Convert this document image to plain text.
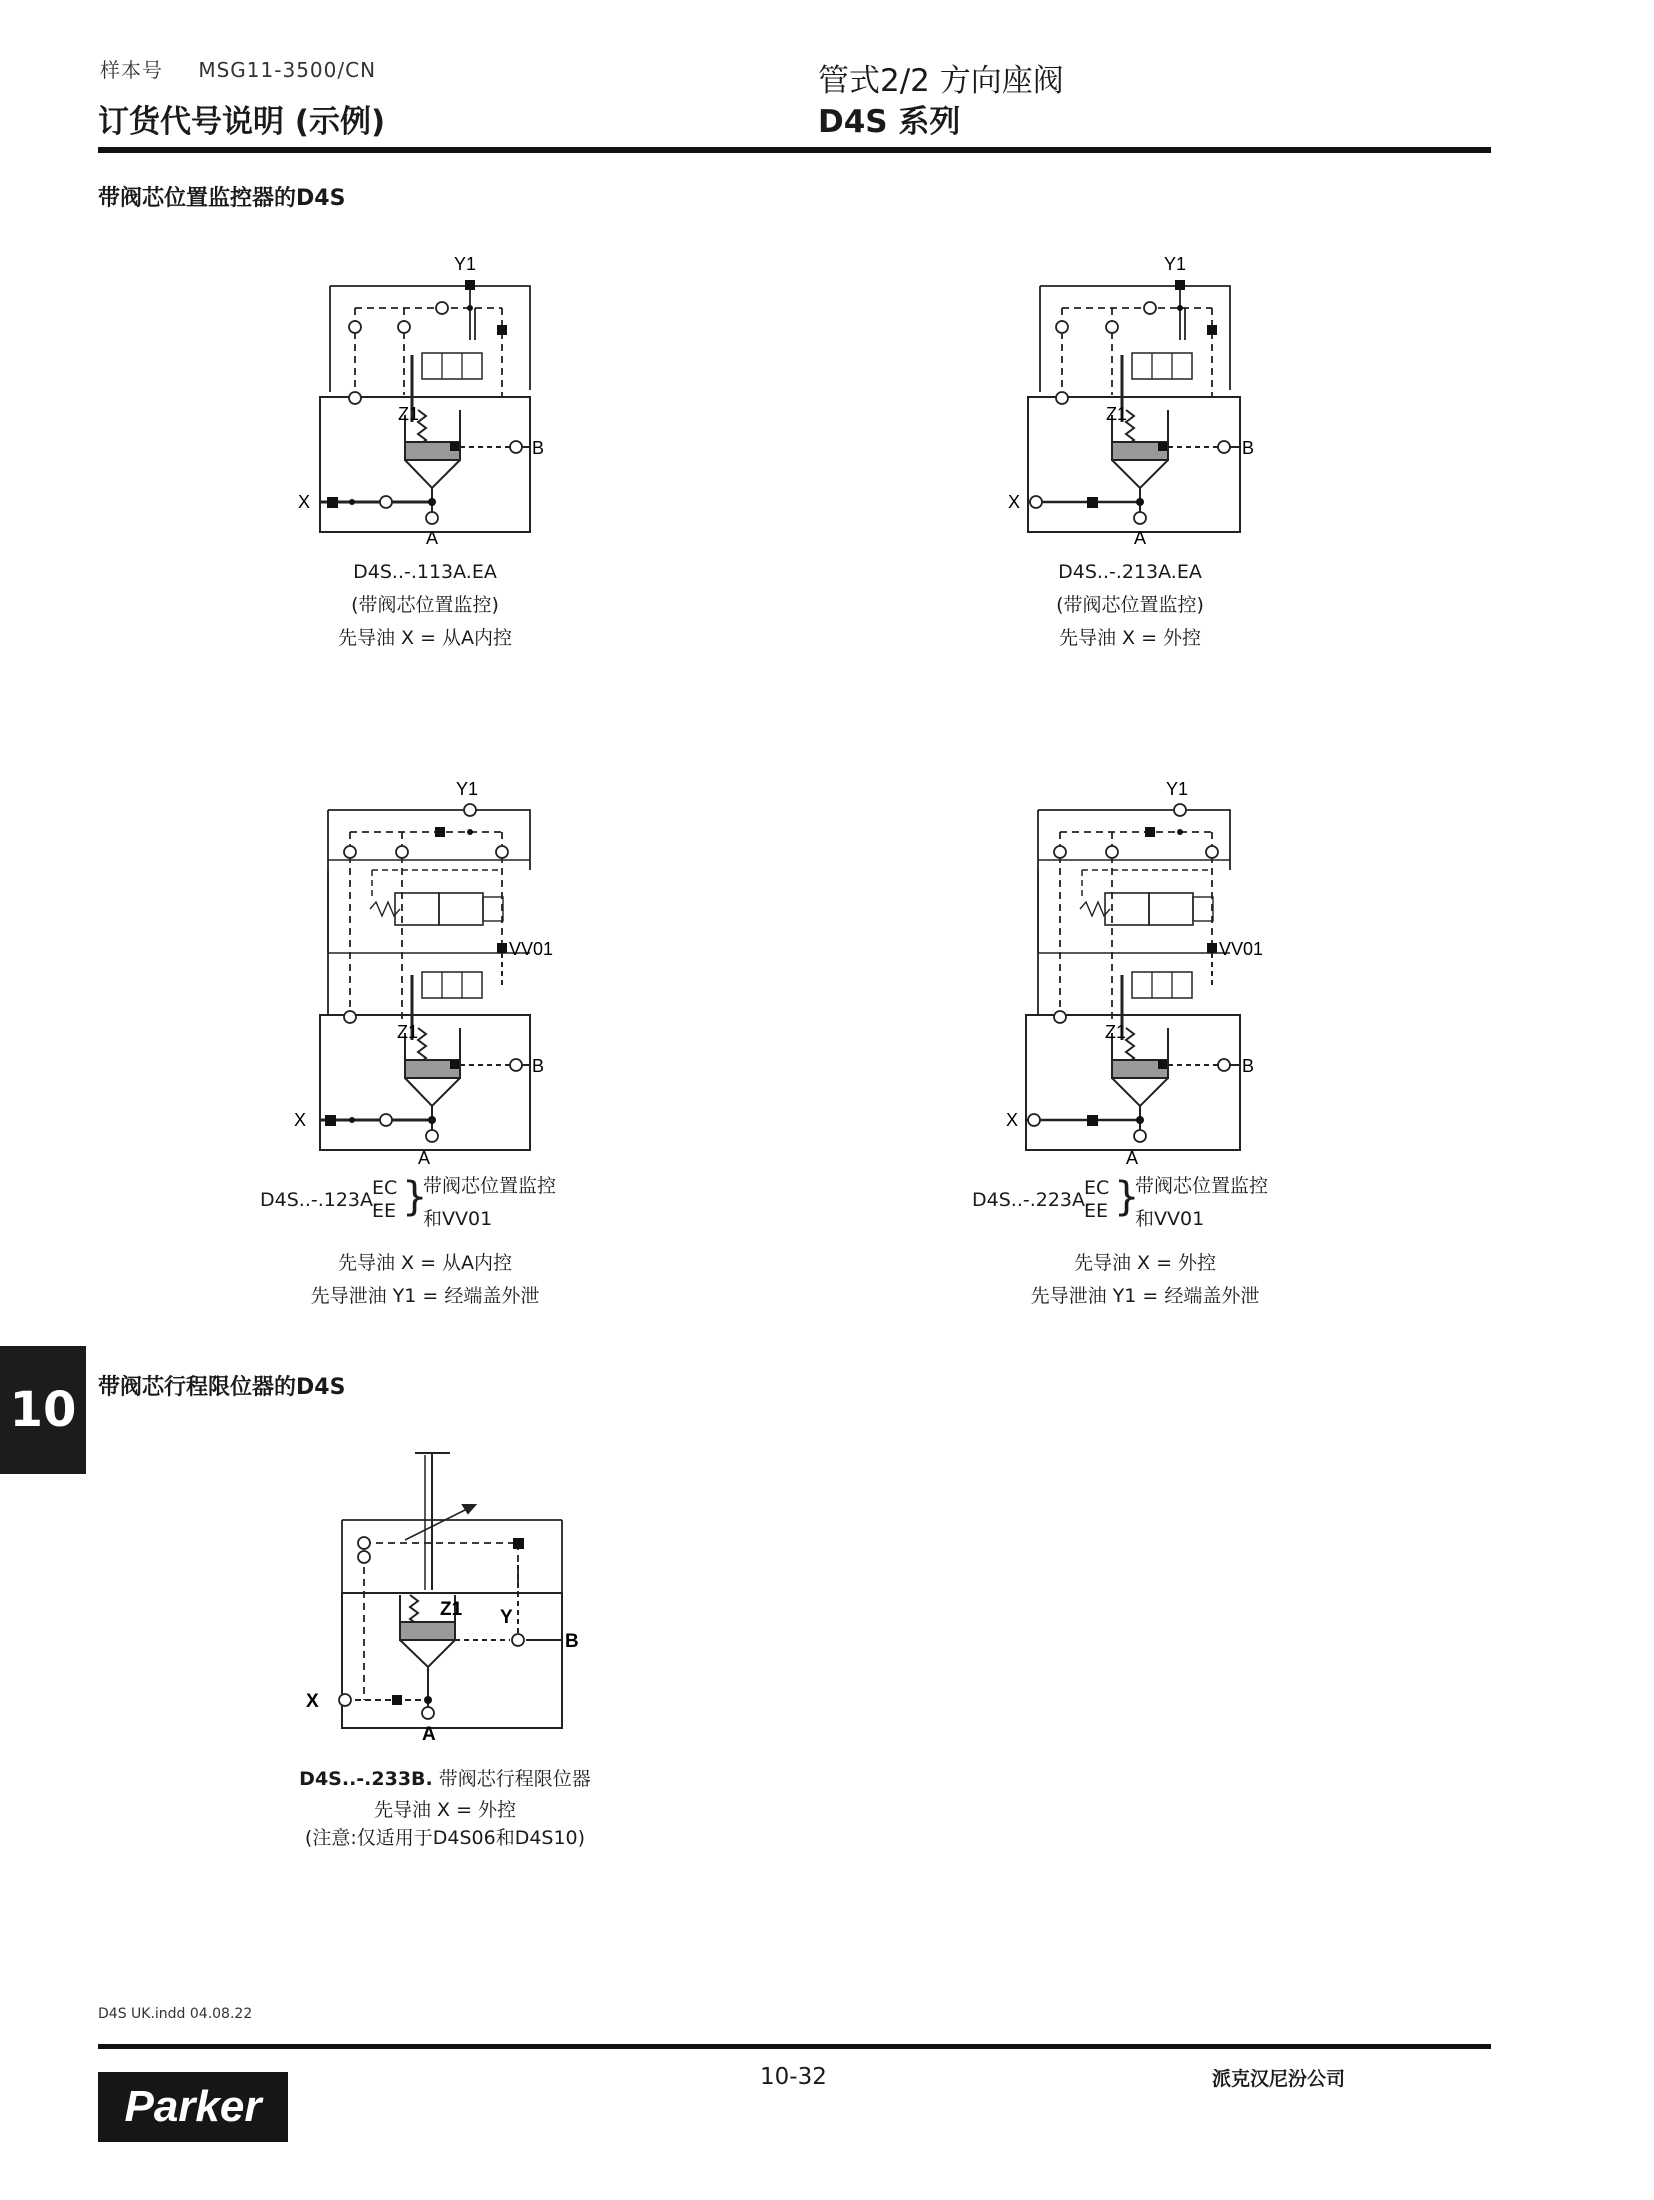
样本号 MSG11-3500/CN
订货代号说明 (示例)
管式2/2 方向座阀
D4S 系列
带阀芯位置监控器的D4S
Y1
Z1
B
X
A
D4S..-.113A.EA
(带阀芯位置监控)
先导油 X = 从A内控
Y1
Z1
B
X
A
D4S..-.213A.EA
(带阀芯位置监控)
先导油 X = 外控
Y1
VV01
Z1
B
X
A
D4S..-.123A.
EC
EE }
带阀芯位置监控
和VV01
先导油 X = 从A内控
先导泄油 Y1 = 经端盖外泄
Y1
VV01
Z1
B
X
A
D4S..-.223A.
EC
EE }
带阀芯位置监控
和VV01
先导油 X = 外控
先导泄油 Y1 = 经端盖外泄
10 带阀芯行程限位器的D4S
Z1 Y
B
X
A
D4S..-.233B. 带阀芯行程限位器
先导油 X = 外控
(注意:仅适用于D4S06和D4S10)
D4S UK.indd 04.08.22
10-32	派克汉尼汾公司
Parker
